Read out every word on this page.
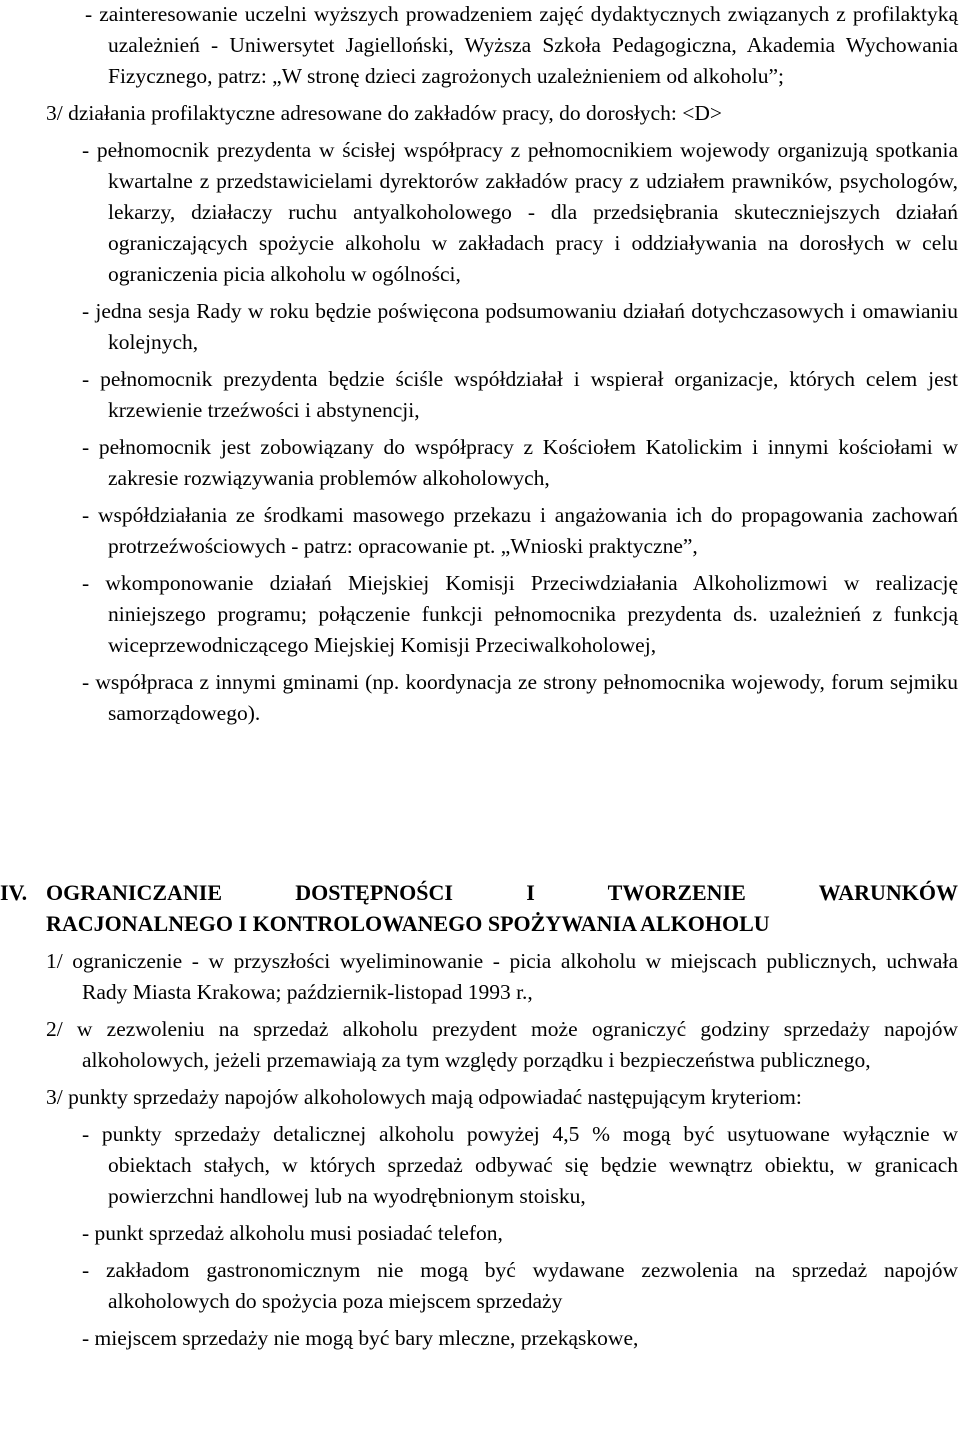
- zainteresowanie uczelni wyższych prowadzeniem zajęć dydaktycznych związanych z profilaktyką uzależnień - Uniwersytet Jagielloński, Wyższa Szkoła Pedagogiczna, Akademia Wychowania Fizycznego, patrz: „W stronę dzieci zagrożonych uzależnieniem od alkoholu”;

3/ działania profilaktyczne adresowane do zakładów pracy, do dorosłych: <D>

- pełnomocnik prezydenta w ścisłej współpracy z pełnomocnikiem wojewody organizują spotkania kwartalne z przedstawicielami dyrektorów zakładów pracy z udziałem prawników, psychologów, lekarzy, działaczy ruchu antyalkoholowego - dla przedsiębrania skuteczniejszych działań ograniczających spożycie alkoholu w zakładach pracy i oddziaływania na dorosłych w celu ograniczenia picia alkoholu w ogólności,

- jedna sesja Rady w roku będzie poświęcona podsumowaniu działań dotychczasowych i omawianiu kolejnych,

- pełnomocnik prezydenta będzie ściśle współdziałał i wspierał organizacje, których celem jest krzewienie trzeźwości i abstynencji,

- pełnomocnik jest zobowiązany do współpracy z Kościołem Katolickim i innymi kościołami w zakresie rozwiązywania problemów alkoholowych,

- współdziałania ze środkami masowego przekazu i angażowania ich do propagowania zachowań protrzeźwościowych - patrz: opracowanie pt. „Wnioski praktyczne”,

- wkomponowanie działań Miejskiej Komisji Przeciwdziałania Alkoholizmowi w realizację niniejszego programu; połączenie funkcji pełnomocnika prezydenta ds. uzależnień z funkcją wiceprzewodniczącego Miejskiej Komisji Przeciwalkoholowej,

- współpraca z innymi gminami (np. koordynacja ze strony pełnomocnika wojewody, forum sejmiku samorządowego).

IV. OGRANICZANIE DOSTĘPNOŚCI I TWORZENIE WARUNKÓW
RACJONALNEGO I KONTROLOWANEGO SPOŻYWANIA ALKOHOLU

1/ ograniczenie - w przyszłości wyeliminowanie - picia alkoholu w miejscach publicznych, uchwała Rady Miasta Krakowa; październik-listopad 1993 r.,

2/ w zezwoleniu na sprzedaż alkoholu prezydent może ograniczyć godziny sprzedaży napojów alkoholowych, jeżeli przemawiają za tym względy porządku i bezpieczeństwa publicznego,

3/ punkty sprzedaży napojów alkoholowych mają odpowiadać następującym kryteriom:

- punkty sprzedaży detalicznej alkoholu powyżej 4,5 % mogą być usytuowane wyłącznie w obiektach stałych, w których sprzedaż odbywać się będzie wewnątrz obiektu, w granicach powierzchni handlowej lub na wyodrębnionym stoisku,

- punkt sprzedaż alkoholu musi posiadać telefon,

- zakładom gastronomicznym nie mogą być wydawane zezwolenia na sprzedaż napojów alkoholowych do spożycia poza miejscem sprzedaży

- miejscem sprzedaży nie mogą być bary mleczne, przekąskowe,
